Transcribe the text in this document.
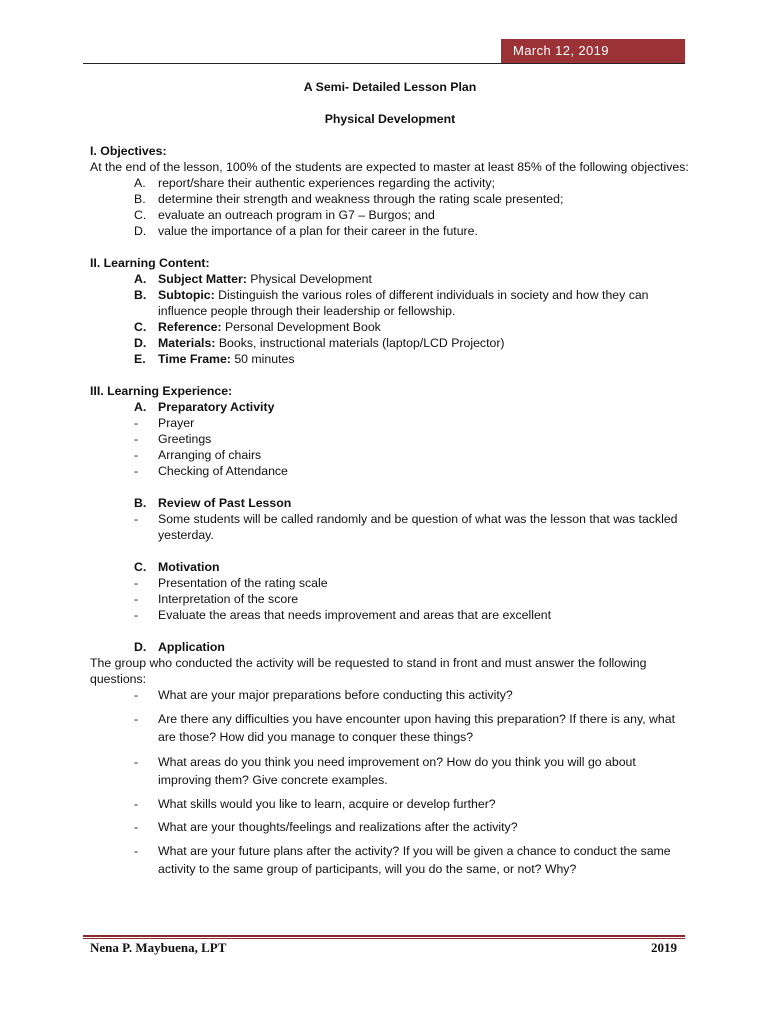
March 12, 2019
A Semi- Detailed Lesson Plan
Physical Development
I. Objectives:

At the end of the lesson, 100% of the students are expected to master at least 85% of the following objectives:

A.	report/share their authentic experiences regarding the activity;
B.	determine their strength and weakness through the rating scale presented;
C. evaluate an outreach program in G7 – Burgos; and
D. value the importance of a plan for their career in the future.
II. Learning Content:
A. Subject Matter: Physical Development
B. Subtopic: Distinguish the various roles of different individuals in society and how they can influence people through their leadership or fellowship.
C. Reference: Personal Development Book
D. Materials: Books, instructional materials (laptop/LCD Projector)
E.	Time Frame: 50 minutes
III. Learning Experience:
A. Preparatory Activity
-	Prayer
-	Greetings
-	Arranging of chairs
-	Checking of Attendance
B. Review of Past Lesson
-	Some students will be called randomly and be question of what was the lesson that was tackled yesterday.
C. Motivation
-	Presentation of the rating scale
-	Interpretation of the score
-	Evaluate the areas that needs improvement and areas that are excellent
D. Application

The group who conducted the activity will be requested to stand in front and must answer the following questions:

-	What are your major preparations before conducting this activity?
-	Are there any difficulties you have encounter upon having this preparation? If there is any, what are those? How did you manage to conquer these things?
-	What areas do you think you need improvement on? How do you think you will go about improving them? Give concrete examples.
-	What skills would you like to learn, acquire or develop further?
-	What are your thoughts/feelings and realizations after the activity?
-	What are your future plans after the activity? If you will be given a chance to conduct the same activity to the same group of participants, will you do the same, or not? Why?
Nena P. Maybuena, LPT	2019
